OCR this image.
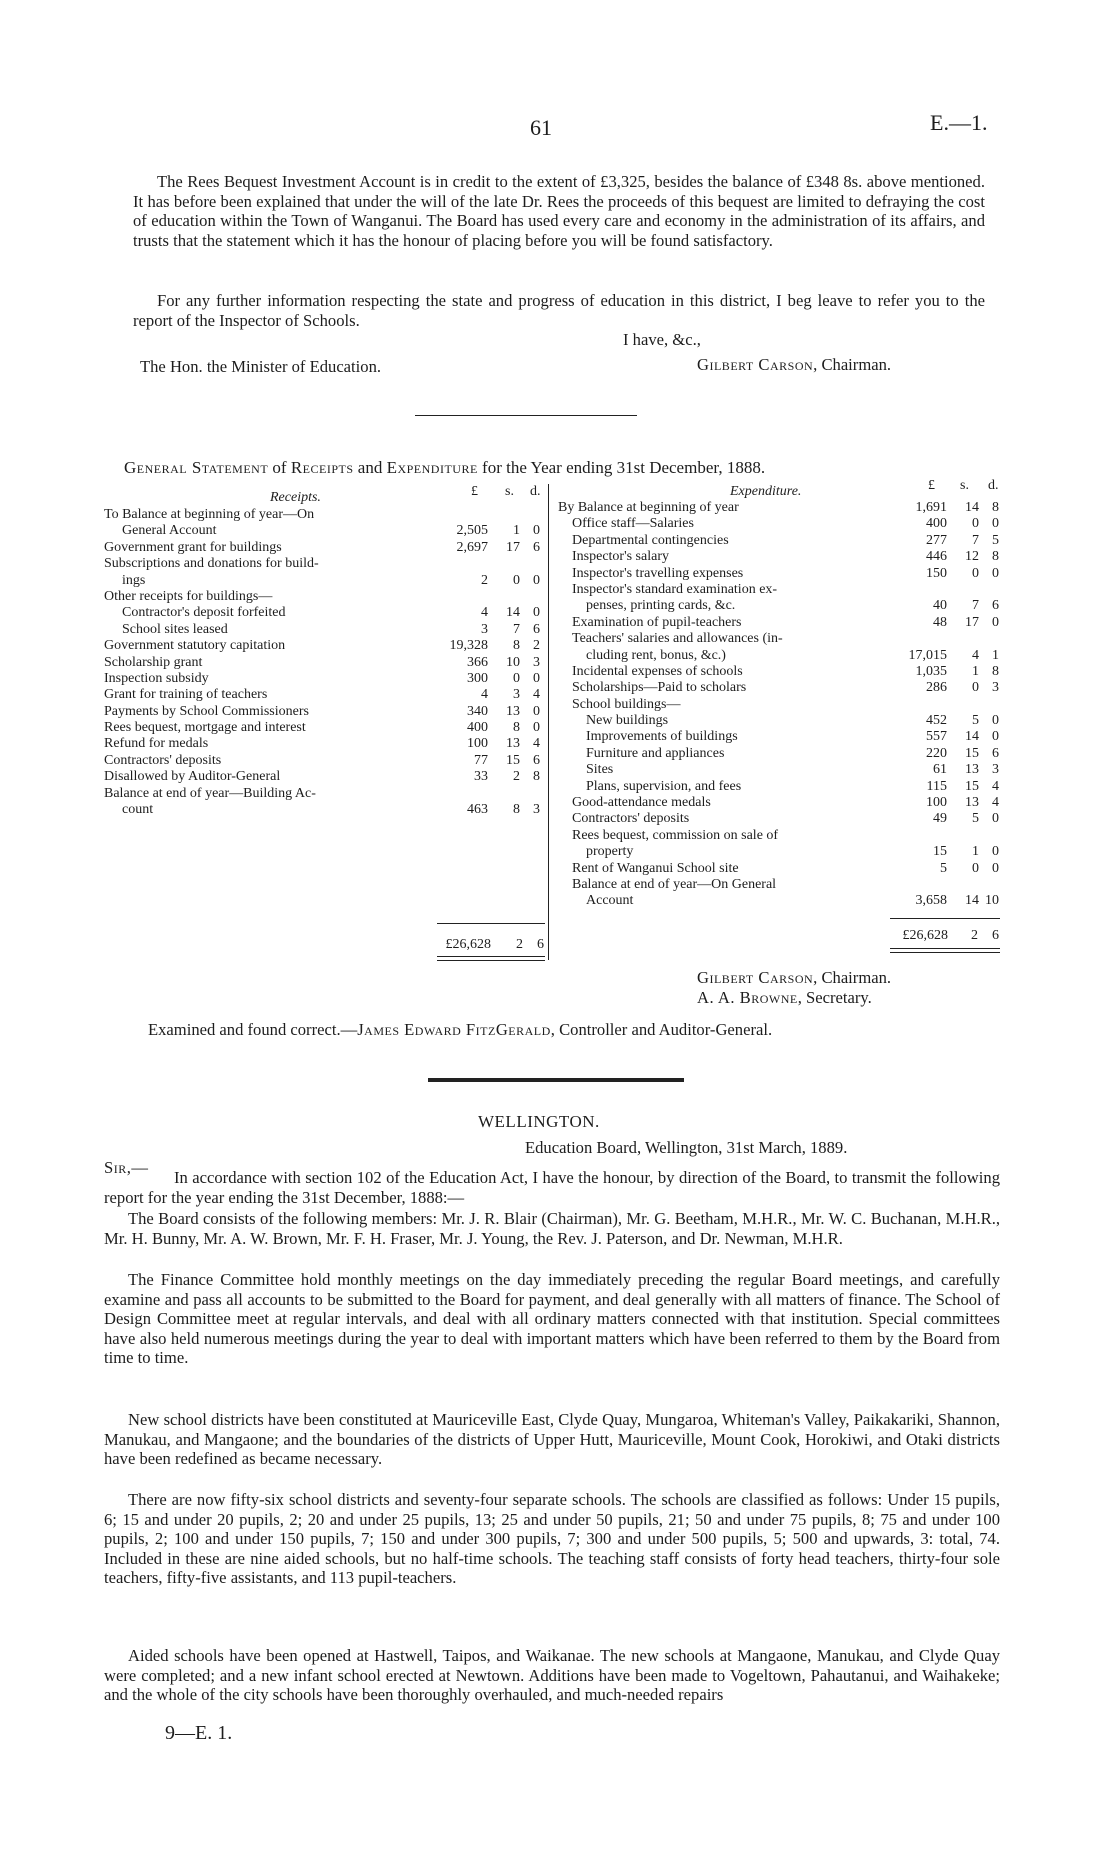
61	E.—1.
The Rees Bequest Investment Account is in credit to the extent of £3,325, besides the balance of £348 8s. above mentioned. It has before been explained that under the will of the late Dr. Rees the proceeds of this bequest are limited to defraying the cost of education within the Town of Wanganui. The Board has used every care and economy in the administration of its affairs, and trusts that the statement which it has the honour of placing before you will be found satisfactory.
For any further information respecting the state and progress of education in this district, I beg leave to refer you to the report of the Inspector of Schools.
I have, &c.,
The Hon. the Minister of Education.	Gilbert Carson, Chairman.
General Statement of Receipts and Expenditure for the Year ending 31st December, 1888.
Receipts.	£ s. d.
To Balance at beginning of year—On
General Account	2,505 1 0
Government grant for buildings	2,697 17 6
Subscriptions and donations for build-
ings	2 0 0
Other receipts for buildings—
Contractor's deposit forfeited	4 14 0
School sites leased	3 7 6
Government statutory capitation	19,328 8 2
Scholarship grant	366 10 3
Inspection subsidy	300 0 0
Grant for training of teachers	4 3 4
Payments by School Commissioners	340 13 0
Rees bequest, mortgage and interest	400 8 0
Refund for medals	100 13 4
Contractors' deposits	77 15 6
Disallowed by Auditor-General	33 2 8
Balance at end of year—Building Ac-
count	463 8 3
£26,628 2 6
Expenditure.	£ s. d.
By Balance at beginning of year	1,691 14 8
Office staff—Salaries	400 0 0
Departmental contingencies	277 7 5
Inspector's salary	446 12 8
Inspector's travelling expenses	150 0 0
Inspector's standard examination ex-
penses, printing cards, &c.	40 7 6
Examination of pupil-teachers	48 17 0
Teachers' salaries and allowances (in-
cluding rent, bonus, &c.)	17,015 4 1
Incidental expenses of schools	1,035 1 8
Scholarships—Paid to scholars	286 0 3
School buildings—
New buildings	452 5 0
Improvements of buildings	557 14 0
Furniture and appliances	220 15 6
Sites	61 13 3
Plans, supervision, and fees	115 15 4
Good-attendance medals	100 13 4
Contractors' deposits	49 5 0
Rees bequest, commission on sale of
property	15 1 0
Rent of Wanganui School site	5 0 0
Balance at end of year—On General
Account	3,658 14 10
£26,628 2 6
Gilbert Carson, Chairman.
A. A. Browne, Secretary.
Examined and found correct.—James Edward FitzGerald, Controller and Auditor-General.
WELLINGTON.
Education Board, Wellington, 31st March, 1889.
Sir,—
In accordance with section 102 of the Education Act, I have the honour, by direction of the Board, to transmit the following report for the year ending the 31st December, 1888:—
The Board consists of the following members: Mr. J. R. Blair (Chairman), Mr. G. Beetham, M.H.R., Mr. W. C. Buchanan, M.H.R., Mr. H. Bunny, Mr. A. W. Brown, Mr. F. H. Fraser, Mr. J. Young, the Rev. J. Paterson, and Dr. Newman, M.H.R.
The Finance Committee hold monthly meetings on the day immediately preceding the regular Board meetings, and carefully examine and pass all accounts to be submitted to the Board for payment, and deal generally with all matters of finance. The School of Design Committee meet at regular intervals, and deal with all ordinary matters connected with that institution. Special committees have also held numerous meetings during the year to deal with important matters which have been referred to them by the Board from time to time.
New school districts have been constituted at Mauriceville East, Clyde Quay, Mungaroa, Whiteman's Valley, Paikakariki, Shannon, Manukau, and Mangaone; and the boundaries of the districts of Upper Hutt, Mauriceville, Mount Cook, Horokiwi, and Otaki districts have been redefined as became necessary.
There are now fifty-six school districts and seventy-four separate schools. The schools are classified as follows: Under 15 pupils, 6; 15 and under 20 pupils, 2; 20 and under 25 pupils, 13; 25 and under 50 pupils, 21; 50 and under 75 pupils, 8; 75 and under 100 pupils, 2; 100 and under 150 pupils, 7; 150 and under 300 pupils, 7; 300 and under 500 pupils, 5; 500 and upwards, 3: total, 74. Included in these are nine aided schools, but no half-time schools. The teaching staff consists of forty head teachers, thirty-four sole teachers, fifty-five assistants, and 113 pupil-teachers.
Aided schools have been opened at Hastwell, Taipos, and Waikanae. The new schools at Mangaone, Manukau, and Clyde Quay were completed; and a new infant school erected at Newtown. Additions have been made to Vogeltown, Pahautanui, and Waihakeke; and the whole of the city schools have been thoroughly overhauled, and much-needed repairs
9—E. 1.
